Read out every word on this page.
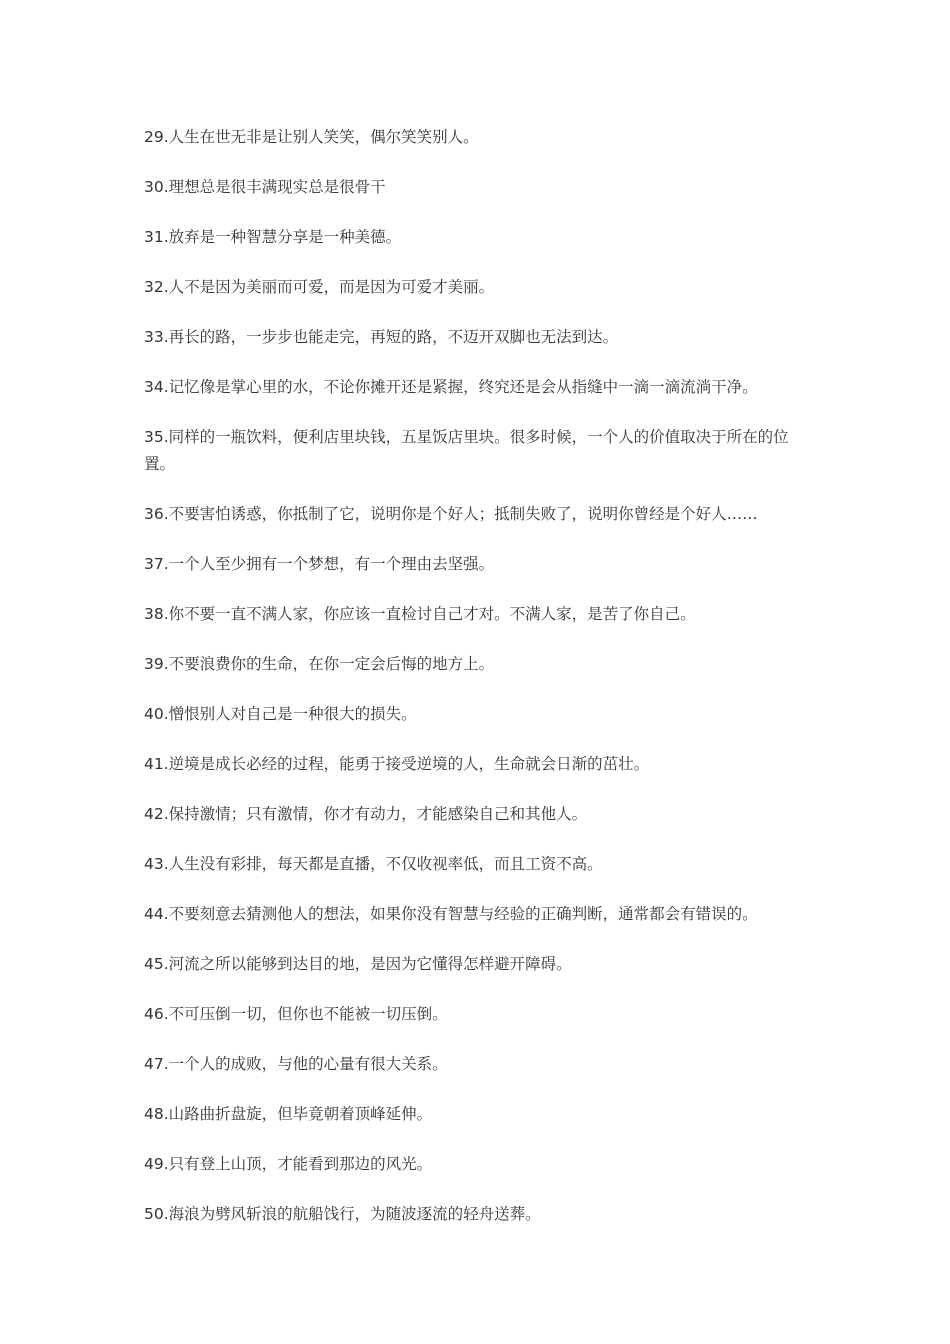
29.人生在世无非是让别人笑笑，偶尔笑笑别人。

30.理想总是很丰满现实总是很骨干

31.放弃是一种智慧分享是一种美德。

32.人不是因为美丽而可爱，而是因为可爱才美丽。

33.再长的路，一步步也能走完，再短的路，不迈开双脚也无法到达。

34.记忆像是掌心里的水，不论你摊开还是紧握，终究还是会从指缝中一滴一滴流淌干净。

35.同样的一瓶饮料，便利店里块钱，五星饭店里块。很多时候，一个人的价值取决于所在的位置。

36.不要害怕诱惑，你抵制了它，说明你是个好人；抵制失败了，说明你曾经是个好人……

37.一个人至少拥有一个梦想，有一个理由去坚强。

38.你不要一直不满人家，你应该一直检讨自己才对。不满人家，是苦了你自己。

39.不要浪费你的生命，在你一定会后悔的地方上。

40.憎恨别人对自己是一种很大的损失。

41.逆境是成长必经的过程，能勇于接受逆境的人，生命就会日渐的茁壮。

42.保持激情；只有激情，你才有动力，才能感染自己和其他人。

43.人生没有彩排，每天都是直播，不仅收视率低，而且工资不高。

44.不要刻意去猜测他人的想法，如果你没有智慧与经验的正确判断，通常都会有错误的。

45.河流之所以能够到达目的地，是因为它懂得怎样避开障碍。

46.不可压倒一切，但你也不能被一切压倒。

47.一个人的成败，与他的心量有很大关系。

48.山路曲折盘旋，但毕竟朝着顶峰延伸。

49.只有登上山顶，才能看到那边的风光。

50.海浪为劈风斩浪的航船饯行，为随波逐流的轻舟送葬。
